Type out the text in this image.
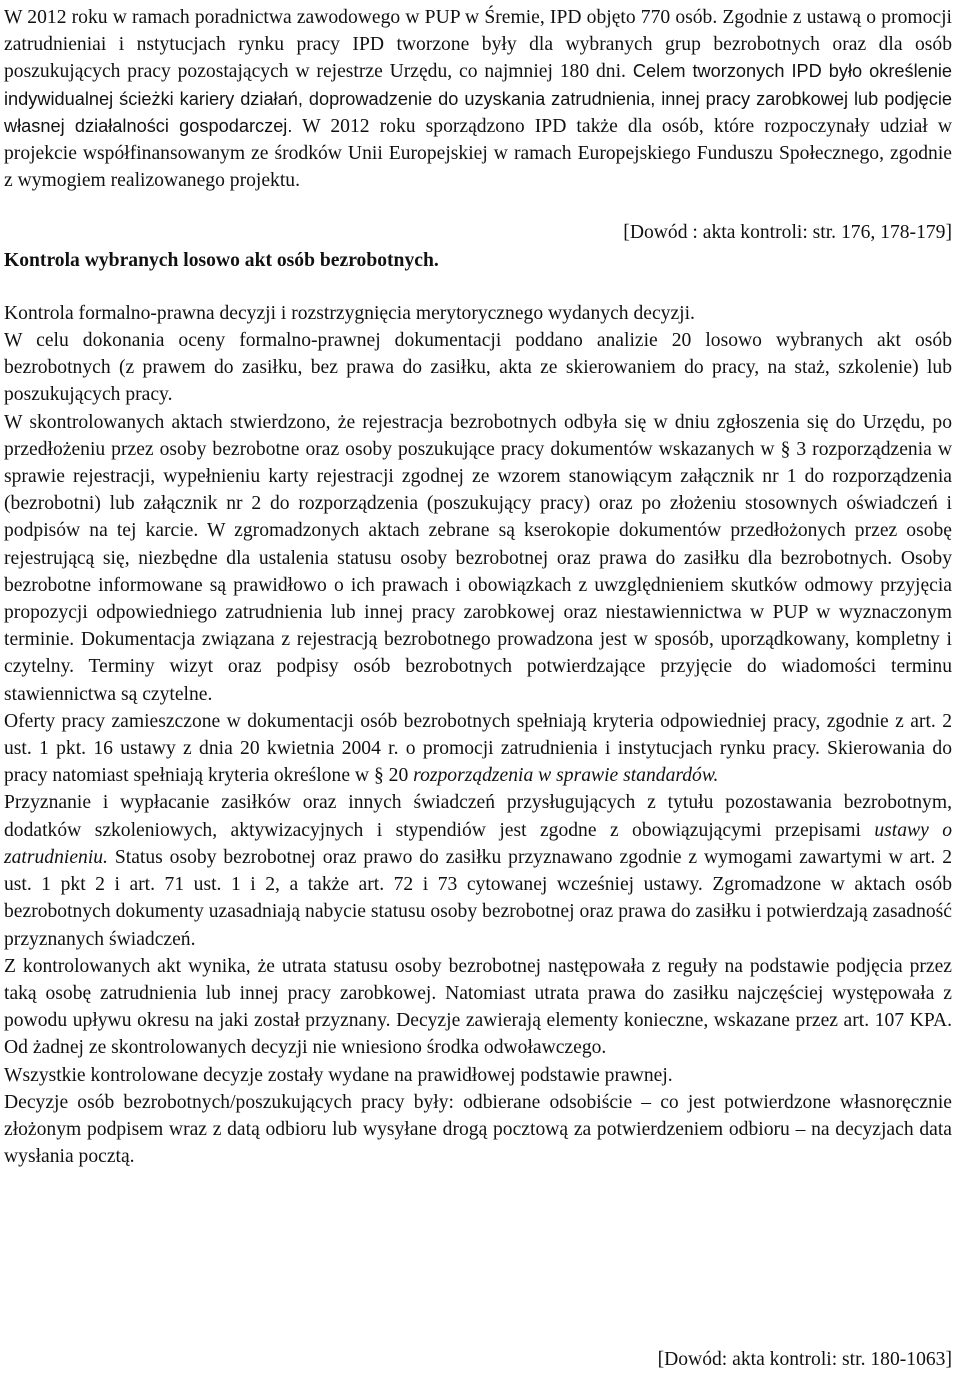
W 2012 roku w ramach poradnictwa zawodowego w PUP w Śremie, IPD objęto 770 osób. Zgodnie z ustawą o promocji zatrudnieniai i nstytucjach rynku pracy IPD tworzone były dla wybranych grup bezrobotnych oraz dla osób poszukujących pracy pozostających w rejestrze Urzędu, co najmniej 180 dni. Celem tworzonych IPD było określenie indywidualnej ścieżki kariery działań, doprowadzenie do uzyskania zatrudnienia, innej pracy zarobkowej lub podjęcie własnej działalności gospodarczej. W 2012 roku sporządzono IPD także dla osób, które rozpoczynały udział w projekcie współfinansowanym ze środków Unii Europejskiej w ramach Europejskiego Funduszu Społecznego, zgodnie z wymogiem realizowanego projektu.

[Dowód : akta kontroli: str. 176, 178-179]

Kontrola wybranych losowo akt osób bezrobotnych.

Kontrola formalno-prawna decyzji i rozstrzygnięcia merytorycznego wydanych decyzji.

W celu dokonania oceny formalno-prawnej dokumentacji poddano analizie 20 losowo wybranych akt osób bezrobotnych (z prawem do zasiłku, bez prawa do zasiłku, akta ze skierowaniem do pracy, na staż, szkolenie) lub poszukujących pracy.

W skontrolowanych aktach stwierdzono, że rejestracja bezrobotnych odbyła się w dniu zgłoszenia się do Urzędu, po przedłożeniu przez osoby bezrobotne oraz osoby poszukujące pracy dokumentów wskazanych w § 3 rozporządzenia w sprawie rejestracji, wypełnieniu karty rejestracji zgodnej ze wzorem stanowiącym załącznik nr 1 do rozporządzenia (bezrobotni) lub załącznik nr 2 do rozporządzenia (poszukujący pracy) oraz po złożeniu stosownych oświadczeń i podpisów na tej karcie. W zgromadzonych aktach zebrane są kserokopie dokumentów przedłożonych przez osobę rejestrującą się, niezbędne dla ustalenia statusu osoby bezrobotnej oraz prawa do zasiłku dla bezrobotnych. Osoby bezrobotne informowane są prawidłowo o ich prawach i obowiązkach z uwzględnieniem skutków odmowy przyjęcia propozycji odpowiedniego zatrudnienia lub innej pracy zarobkowej oraz niestawiennictwa w PUP w wyznaczonym terminie. Dokumentacja związana z rejestracją bezrobotnego prowadzona jest w sposób, uporządkowany, kompletny i czytelny. Terminy wizyt oraz podpisy osób bezrobotnych potwierdzające przyjęcie do wiadomości terminu stawiennictwa są czytelne.

Oferty pracy zamieszczone w dokumentacji osób bezrobotnych spełniają kryteria odpowiedniej pracy, zgodnie z art. 2 ust. 1 pkt. 16 ustawy z dnia 20 kwietnia 2004 r. o promocji zatrudnienia i instytucjach rynku pracy. Skierowania do pracy natomiast spełniają kryteria określone w § 20 rozporządzenia w sprawie standardów.

Przyznanie i wypłacanie zasiłków oraz innych świadczeń przysługujących z tytułu pozostawania bezrobotnym, dodatków szkoleniowych, aktywizacyjnych i stypendiów jest zgodne z obowiązującymi przepisami ustawy o zatrudnieniu. Status osoby bezrobotnej oraz prawo do zasiłku przyznawano zgodnie z wymogami zawartymi w art. 2 ust. 1 pkt 2 i art. 71 ust. 1 i 2, a także art. 72 i 73 cytowanej wcześniej ustawy. Zgromadzone w aktach osób bezrobotnych dokumenty uzasadniają nabycie statusu osoby bezrobotnej oraz prawa do zasiłku i potwierdzają zasadność przyznanych świadczeń.

Z kontrolowanych akt wynika, że utrata statusu osoby bezrobotnej następowała z reguły na podstawie podjęcia przez taką osobę zatrudnienia lub innej pracy zarobkowej. Natomiast utrata prawa do zasiłku najczęściej występowała z powodu upływu okresu na jaki został przyznany. Decyzje zawierają elementy konieczne, wskazane przez art. 107 KPA. Od żadnej ze skontrolowanych decyzji nie wniesiono środka odwoławczego.

Wszystkie kontrolowane decyzje zostały wydane na prawidłowej podstawie prawnej.

Decyzje osób bezrobotnych/poszukujących pracy były: odbierane odsobiście – co jest potwierdzone własnoręcznie złożonym podpisem wraz z datą odbioru lub wysyłane drogą pocztową za potwierdzeniem odbioru – na decyzjach data wysłania pocztą.

[Dowód: akta kontroli: str. 180-1063]
